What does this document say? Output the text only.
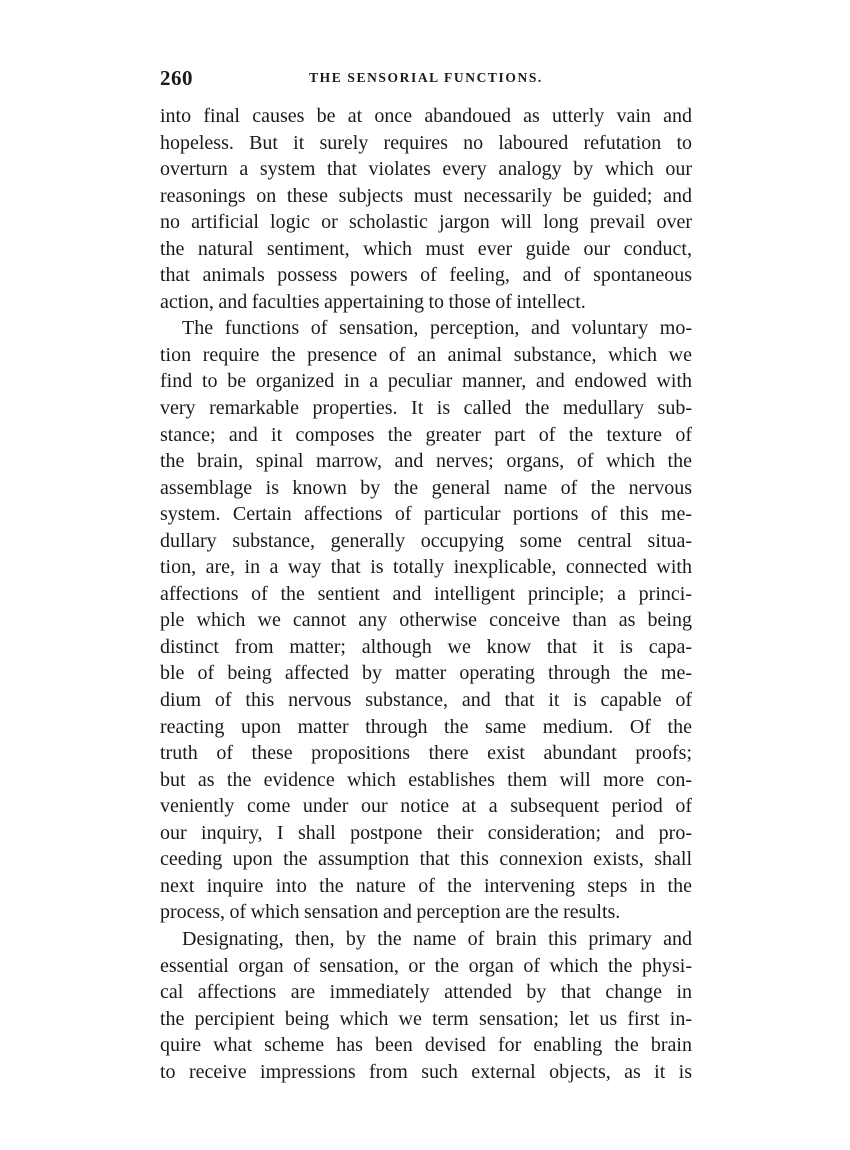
260	THE SENSORIAL FUNCTIONS.
into final causes be at once abandoued as utterly vain and
hopeless. But it surely requires no laboured refutation to
overturn a system that violates every analogy by which our
reasonings on these subjects must necessarily be guided; and
no artificial logic or scholastic jargon will long prevail over
the natural sentiment, which must ever guide our conduct,
that animals possess powers of feeling, and of spontaneous
action, and faculties appertaining to those of intellect.
The functions of sensation, perception, and voluntary mo-
tion require the presence of an animal substance, which we
find to be organized in a peculiar manner, and endowed with
very remarkable properties. It is called the medullary sub-
stance; and it composes the greater part of the texture of
the brain, spinal marrow, and nerves; organs, of which the
assemblage is known by the general name of the nervous
system. Certain affections of particular portions of this me-
dullary substance, generally occupying some central situa-
tion, are, in a way that is totally inexplicable, connected with
affections of the sentient and intelligent principle; a princi-
ple which we cannot any otherwise conceive than as being
distinct from matter; although we know that it is capa-
ble of being affected by matter operating through the me-
dium of this nervous substance, and that it is capable of
reacting upon matter through the same medium. Of the
truth of these propositions there exist abundant proofs;
but as the evidence which establishes them will more con-
veniently come under our notice at a subsequent period of
our inquiry, I shall postpone their consideration; and pro-
ceeding upon the assumption that this connexion exists, shall
next inquire into the nature of the intervening steps in the
process, of which sensation and perception are the results.
Designating, then, by the name of brain this primary and
essential organ of sensation, or the organ of which the physi-
cal affections are immediately attended by that change in
the percipient being which we term sensation; let us first in-
quire what scheme has been devised for enabling the brain
to receive impressions from such external objects, as it is
